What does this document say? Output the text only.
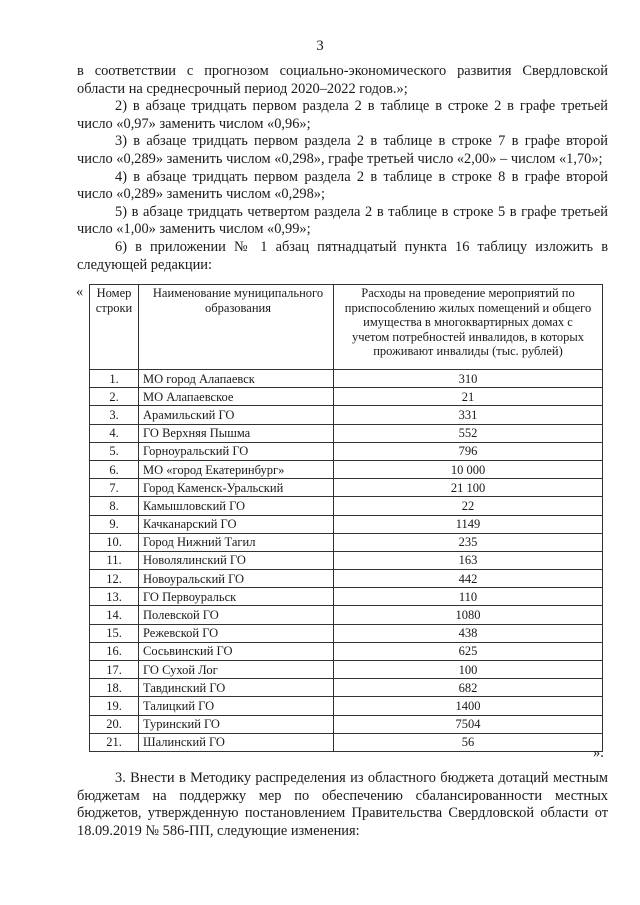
3

в соответствии с прогнозом социально-экономического развития Свердловской области на среднесрочный период 2020–2022 годов.»;

2) в абзаце тридцать первом раздела 2 в таблице в строке 2 в графе третьей число «0,97» заменить числом «0,96»;

3) в абзаце тридцать первом раздела 2 в таблице в строке 7 в графе второй число «0,289» заменить числом «0,298», графе третьей число «2,00» – числом «1,70»;

4) в абзаце тридцать первом раздела 2 в таблице в строке 8 в графе второй число «0,289» заменить числом «0,298»;

5) в абзаце тридцать четвертом раздела 2 в таблице в строке 5 в графе третьей число «1,00» заменить числом «0,99»;

6) в приложении № 1 абзац пятнадцатый пункта 16 таблицу изложить в следующей редакции:

« Номер строки	Наименование муниципального образования	Расходы на проведение мероприятий по приспособлению жилых помещений и общего имущества в многоквартирных домах с учетом потребностей инвалидов, в которых проживают инвалиды (тыс. рублей)
1.	МО город Алапаевск	310
2.	МО Алапаевское	21
3.	Арамильский ГО	331
4.	ГО Верхняя Пышма	552
5.	Горноуральский ГО	796
6.	МО «город Екатеринбург»	10 000
7.	Город Каменск-Уральский	21 100
8.	Камышловский ГО	22
9.	Качканарский ГО	1149
10.	Город Нижний Тагил	235
11.	Новолялинский ГО	163
12.	Новоуральский ГО	442
13.	ГО Первоуральск	110
14.	Полевской ГО	1080
15.	Режевской ГО	438
16.	Сосьвинский ГО	625
17.	ГО Сухой Лог	100
18.	Тавдинский ГО	682
19.	Талицкий ГО	1400
20.	Туринский ГО	7504
21.	Шалинский ГО	56
».

3. Внести в Методику распределения из областного бюджета дотаций местным бюджетам на поддержку мер по обеспечению сбалансированности местных бюджетов, утвержденную постановлением Правительства Свердловской области от 18.09.2019 № 586-ПП, следующие изменения:
